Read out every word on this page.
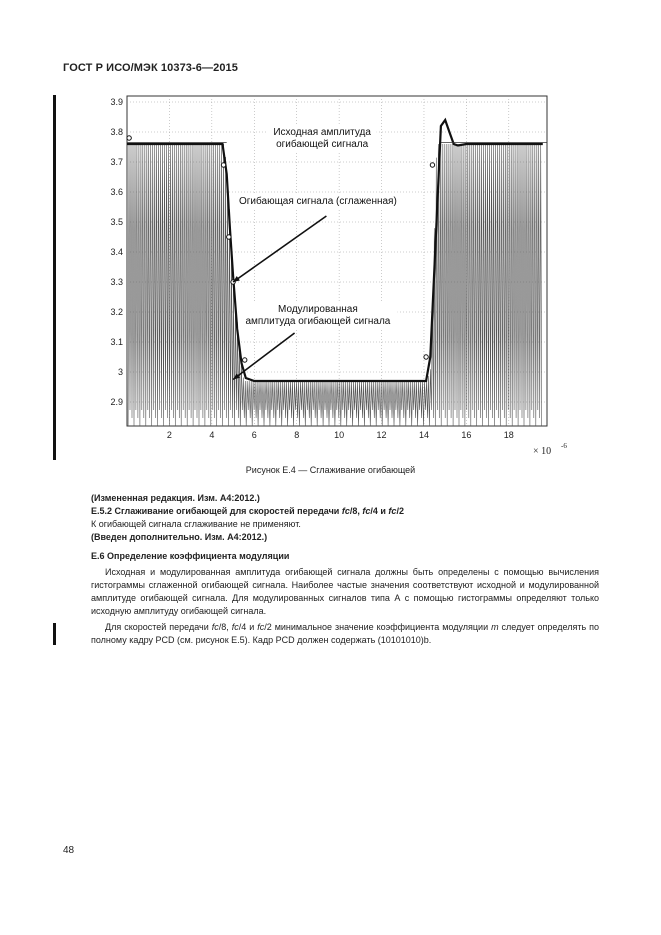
ГОСТ Р ИСО/МЭК 10373-6—2015
2.9
3
3.1
3.2
3.3
3.4
3.5
3.6
3.7
3.8
3.9
2	4	6	8	10	12	14	16	18
× 10 -6
Исходная амплитуда
огибающей сигнала
Огибающая сигнала (сглаженная)
Модулированная
амплитуда огибающей сигнала
Рисунок Е.4 — Сглаживание огибающей
(Измененная редакция. Изм. А4:2012.)
Е.5.2 Сглаживание огибающей для скоростей передачи fc/8, fc/4 и fc/2
К огибающей сигнала сглаживание не применяют.
(Введен дополнительно. Изм. А4:2012.)
Е.6 Определение коэффициента модуляции
Исходная и модулированная амплитуда огибающей сигнала должны быть определены с помощью вычисления гистограммы сглаженной огибающей сигнала. Наиболее частые значения соответствуют исходной и модулированной амплитуде огибающей сигнала. Для модулированных сигналов типа А с помощью гистограммы определяют только исходную амплитуду огибающей сигнала.
Для скоростей передачи fc/8, fc/4 и fc/2 минимальное значение коэффициента модуляции m следует определять по полному кадру PCD (см. рисунок Е.5). Кадр PCD должен содержать (10101010)b.
48
